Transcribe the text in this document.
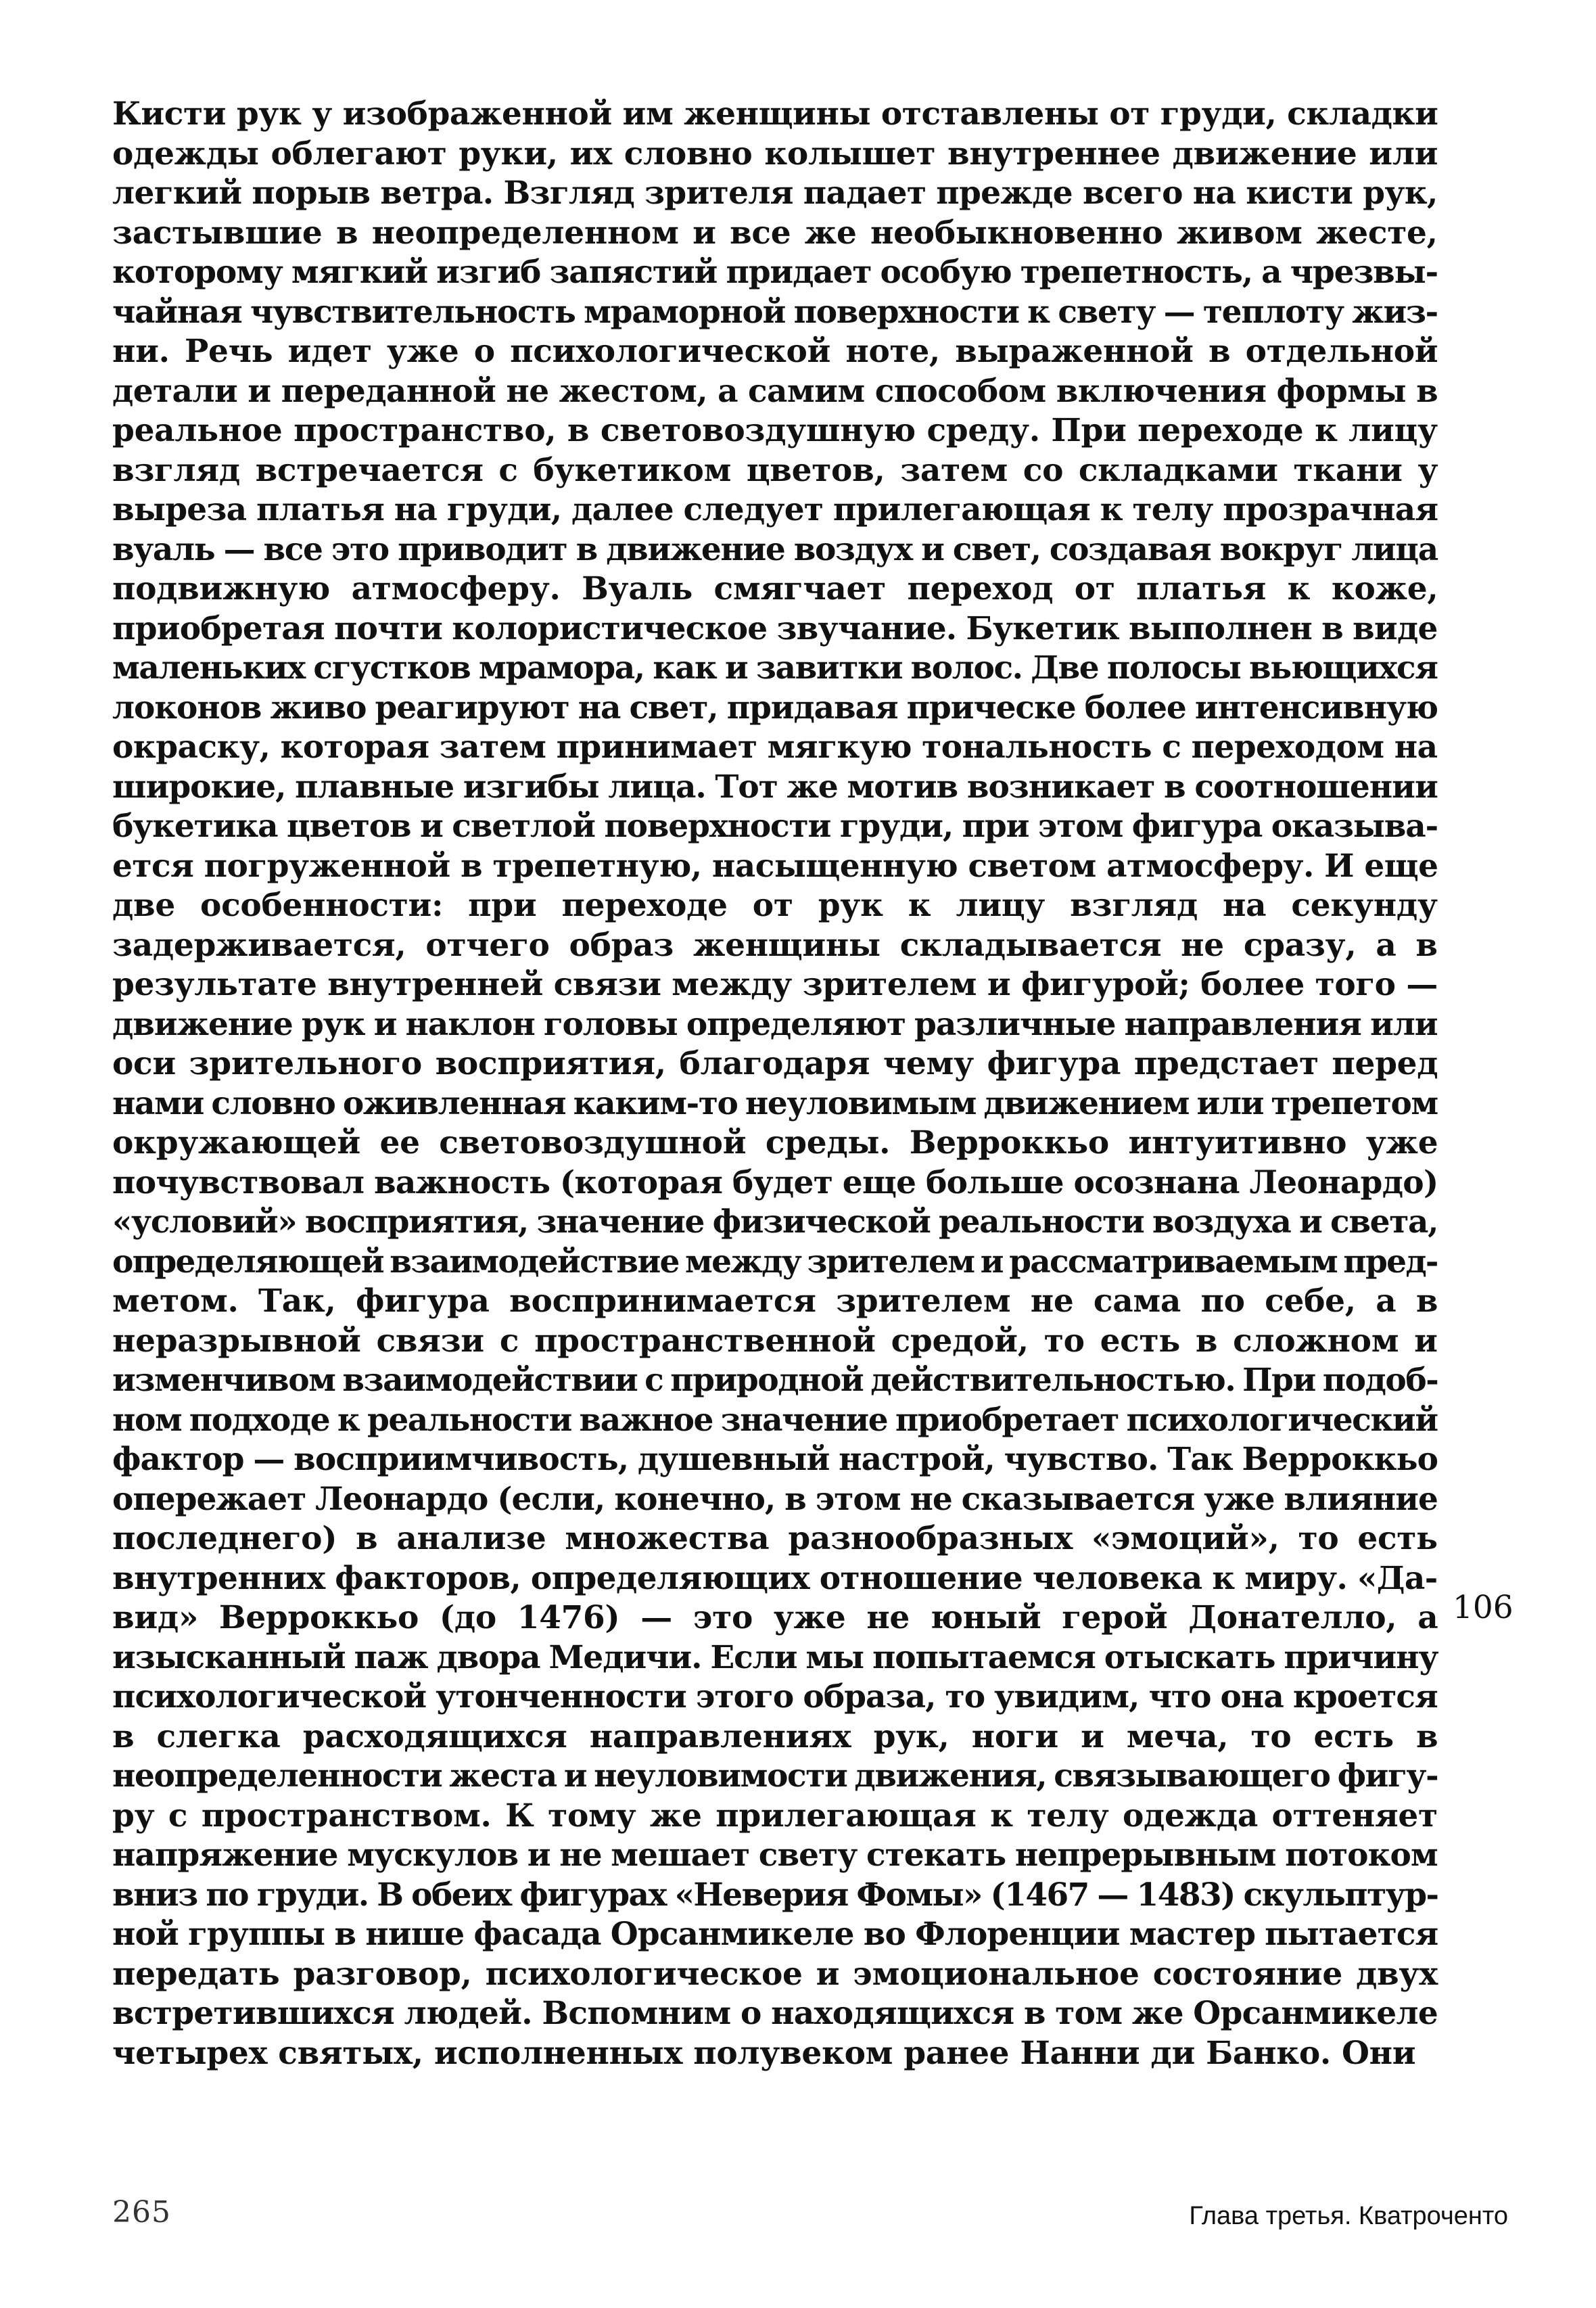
Кисти рук у изображенной им женщины отставлены от груди, складки
одежды облегают руки, их словно колышет внутреннее движение или
легкий порыв ветра. Взгляд зрителя падает прежде всего на кисти рук,
застывшие в неопределенном и все же необыкновенно живом жесте,
которому мягкий изгиб запястий придает особую трепетность, а чрезвы-
чайная чувствительность мраморной поверхности к свету — теплоту жиз-
ни. Речь идет уже о психологической ноте, выраженной в отдельной
детали и переданной не жестом, а самим способом включения формы в
реальное пространство, в световоздушную среду. При переходе к лицу
взгляд встречается с букетиком цветов, затем со складками ткани у
выреза платья на груди, далее следует прилегающая к телу прозрачная
вуаль — все это приводит в движение воздух и свет, создавая вокруг лица
подвижную атмосферу. Вуаль смягчает переход от платья к коже,
приобретая почти колористическое звучание. Букетик выполнен в виде
маленьких сгустков мрамора, как и завитки волос. Две полосы вьющихся
локонов живо реагируют на свет, придавая прическе более интенсивную
окраску, которая затем принимает мягкую тональность с переходом на
широкие, плавные изгибы лица. Тот же мотив возникает в соотношении
букетика цветов и светлой поверхности груди, при этом фигура оказыва-
ется погруженной в трепетную, насыщенную светом атмосферу. И еще
две особенности: при переходе от рук к лицу взгляд на секунду
задерживается, отчего образ женщины складывается не сразу, а в
результате внутренней связи между зрителем и фигурой; более того —
движение рук и наклон головы определяют различные направления или
оси зрительного восприятия, благодаря чему фигура предстает перед
нами словно оживленная каким-то неуловимым движением или трепетом
окружающей ее световоздушной среды. Верроккьо интуитивно уже
почувствовал важность (которая будет еще больше осознана Леонардо)
«условий» восприятия, значение физической реальности воздуха и света,
определяющей взаимодействие между зрителем и рассматриваемым пред-
метом. Так, фигура воспринимается зрителем не сама по себе, а в
неразрывной связи с пространственной средой, то есть в сложном и
изменчивом взаимодействии с природной действительностью. При подоб-
ном подходе к реальности важное значение приобретает психологический
фактор — восприимчивость, душевный настрой, чувство. Так Верроккьо
опережает Леонардо (если, конечно, в этом не сказывается уже влияние
последнего) в анализе множества разнообразных «эмоций», то есть
внутренних факторов, определяющих отношение человека к миру. «Да-
вид» Верроккьо (до 1476) — это уже не юный герой Донателло, а
изысканный паж двора Медичи. Если мы попытаемся отыскать причину
психологической утонченности этого образа, то увидим, что она кроется
в слегка расходящихся направлениях рук, ноги и меча, то есть в
неопределенности жеста и неуловимости движения, связывающего фигу-
ру с пространством. К тому же прилегающая к телу одежда оттеняет
напряжение мускулов и не мешает свету стекать непрерывным потоком
вниз по груди. В обеих фигурах «Неверия Фомы» (1467 — 1483) скульптур-
ной группы в нише фасада Орсанмикеле во Флоренции мастер пытается
передать разговор, психологическое и эмоциональное состояние двух
встретившихся людей. Вспомним о находящихся в том же Орсанмикеле
четырех святых, исполненных полувеком ранее Нанни ди Банко. Они
106
265	Глава третья. Кватроченто
